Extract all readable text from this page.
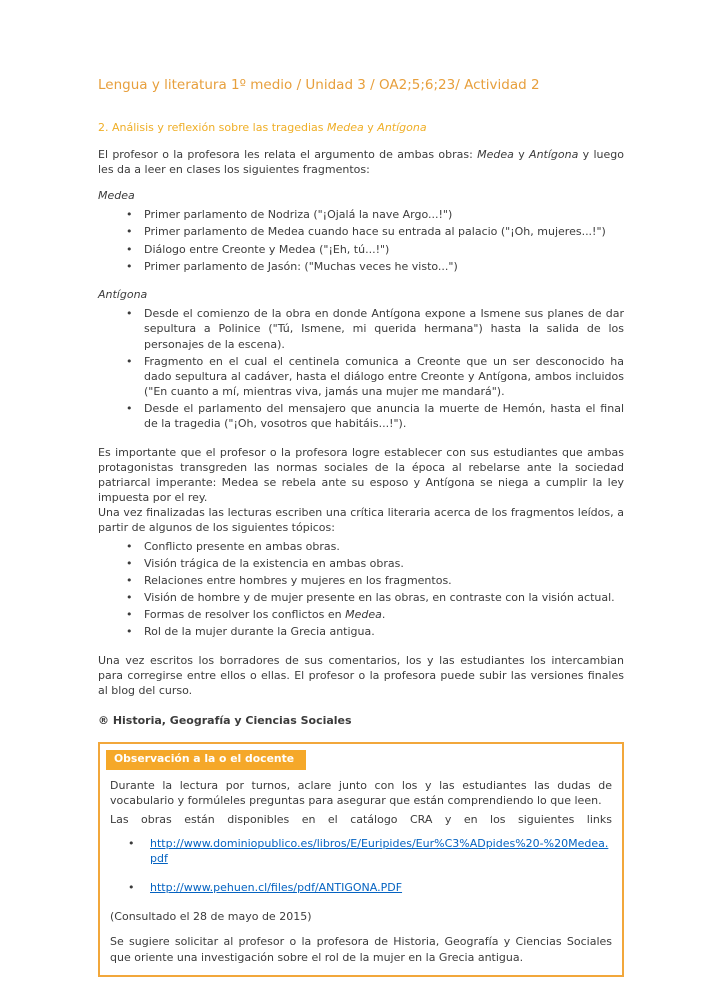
Lengua y literatura 1º medio / Unidad 3 / OA2;5;6;23/ Actividad 2
2. Análisis y reflexión sobre las tragedias Medea y Antígona

El profesor o la profesora les relata el argumento de ambas obras: Medea y Antígona y luego les da a leer en clases los siguientes fragmentos:

Medea
• Primer parlamento de Nodriza ("¡Ojalá la nave Argo...!")
• Primer parlamento de Medea cuando hace su entrada al palacio ("¡Oh, mujeres...!")
• Diálogo entre Creonte y Medea ("¡Eh, tú...!")
• Primer parlamento de Jasón: ("Muchas veces he visto...")
Antígona
• Desde el comienzo de la obra en donde Antígona expone a Ismene sus planes de dar sepultura a Polinice ("Tú, Ismene, mi querida hermana") hasta la salida de los personajes de la escena).
• Fragmento en el cual el centinela comunica a Creonte que un ser desconocido ha dado sepultura al cadáver, hasta el diálogo entre Creonte y Antígona, ambos incluidos ("En cuanto a mí, mientras viva, jamás una mujer me mandará").
• Desde el parlamento del mensajero que anuncia la muerte de Hemón, hasta el final de la tragedia ("¡Oh, vosotros que habitáis...!").

Es importante que el profesor o la profesora logre establecer con sus estudiantes que ambas protagonistas transgreden las normas sociales de la época al rebelarse ante la sociedad patriarcal imperante: Medea se rebela ante su esposo y Antígona se niega a cumplir la ley impuesta por el rey.

Una vez finalizadas las lecturas escriben una crítica literaria acerca de los fragmentos leídos, a partir de algunos de los siguientes tópicos:

• Conflicto presente en ambas obras.
• Visión trágica de la existencia en ambas obras.
• Relaciones entre hombres y mujeres en los fragmentos.
• Visión de hombre y de mujer presente en las obras, en contraste con la visión actual.
• Formas de resolver los conflictos en Medea.
• Rol de la mujer durante la Grecia antigua.

Una vez escritos los borradores de sus comentarios, los y las estudiantes los intercambian para corregirse entre ellos o ellas. El profesor o la profesora puede subir las versiones finales al blog del curso.

® Historia, Geografía y Ciencias Sociales
Observación a la o el docente

Durante la lectura por turnos, aclare junto con los y las estudiantes las dudas de vocabulario y formúleles preguntas para asegurar que están comprendiendo lo que leen.

Las obras están disponibles en el catálogo CRA y en los siguientes links

• http://www.dominiopublico.es/libros/E/Euripides/Eur%C3%ADpides%20-%20Medea.pdf
• http://www.pehuen.cl/files/pdf/ANTIGONA.PDF

(Consultado el 28 de mayo de 2015)

Se sugiere solicitar al profesor o la profesora de Historia, Geografía y Ciencias Sociales que oriente una investigación sobre el rol de la mujer en la Grecia antigua.
